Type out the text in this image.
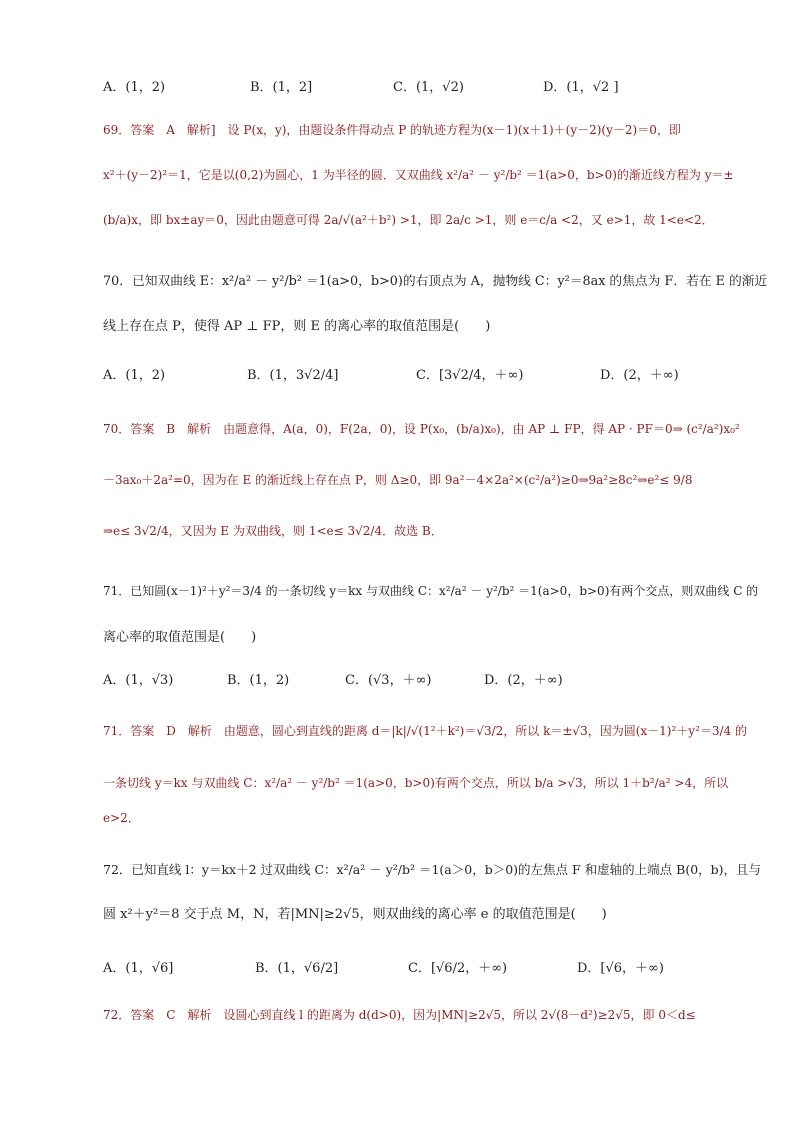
A．(1，2)	B．(1，2]	C．(1，√2)	D．(1，√2 ]
69．答案　A　解析]　设 P(x，y)，由题设条件得动点 P 的轨迹方程为(x－1)(x＋1)＋(y－2)(y－2)＝0，即
x²＋(y－2)²＝1，它是以(0,2)为圆心，1 为半径的圆．又双曲线 x²/a² － y²/b² ＝1(a>0，b>0)的渐近线方程为 y＝±
(b/a)x，即 bx±ay＝0，因此由题意可得 2a/√(a²＋b²) >1，即 2a/c >1，则 e＝c/a <2，又 e>1，故 1<e<2．
70．已知双曲线 E：x²/a² － y²/b² ＝1(a>0，b>0)的右顶点为 A，抛物线 C：y²＝8ax 的焦点为 F．若在 E 的渐近
线上存在点 P，使得 AP ⊥ FP，则 E 的离心率的取值范围是(　　)
A．(1，2)	B．(1，3√2/4]	C．[3√2/4，＋∞)	D．(2，＋∞)
70．答案　B　解析　由题意得，A(a，0)，F(2a，0)，设 P(x₀，(b/a)x₀)，由 AP ⊥ FP，得 AP · PF＝0⇒ (c²/a²)x₀²
－3ax₀＋2a²=0，因为在 E 的渐近线上存在点 P，则 Δ≥0，即 9a²－4×2a²×(c²/a²)≥0⇒9a²≥8c²⇒e²≤ 9/8
⇒e≤ 3√2/4，又因为 E 为双曲线，则 1<e≤ 3√2/4．故选 B．
71．已知圆(x－1)²＋y²＝3/4 的一条切线 y＝kx 与双曲线 C：x²/a² － y²/b² ＝1(a>0，b>0)有两个交点，则双曲线 C 的
离心率的取值范围是(　　)
A．(1，√3)	B．(1，2)	C．(√3，＋∞)	D．(2，＋∞)
71．答案　D　解析　由题意，圆心到直线的距离 d＝|k|/√(1²＋k²)＝√3/2，所以 k＝±√3，因为圆(x－1)²＋y²＝3/4 的
一条切线 y＝kx 与双曲线 C：x²/a² － y²/b² ＝1(a>0，b>0)有两个交点，所以 b/a >√3，所以 1＋b²/a² >4，所以
e>2．
72．已知直线 l：y＝kx＋2 过双曲线 C：x²/a² － y²/b² ＝1(a＞0，b＞0)的左焦点 F 和虚轴的上端点 B(0，b)，且与
圆 x²＋y²＝8 交于点 M，N，若|MN|≥2√5，则双曲线的离心率 e 的取值范围是(　　)
A．(1，√6]	B．(1，√6/2]	C．[√6/2，＋∞)	D．[√6，＋∞)
72．答案　C　解析　设圆心到直线 l 的距离为 d(d>0)，因为|MN|≥2√5，所以 2√(8－d²)≥2√5，即 0＜d≤
